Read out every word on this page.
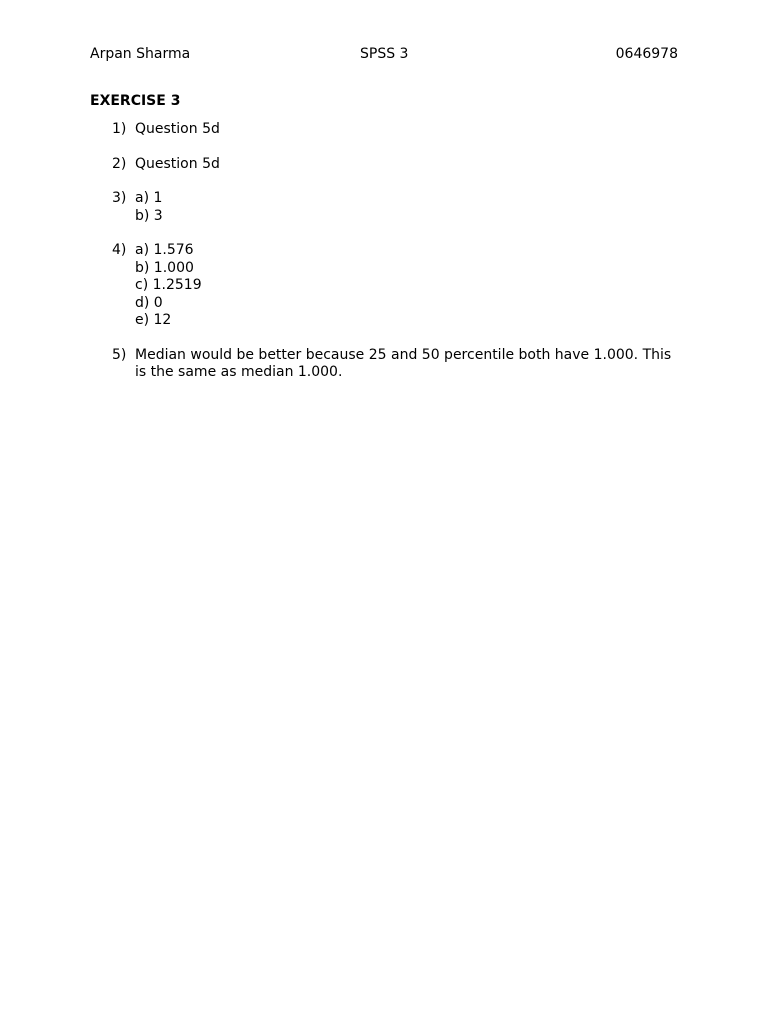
Arpan Sharma	SPSS 3	0646978
EXERCISE 3
1) Question 5d
2) Question 5d
3) a) 1
b) 3
4) a) 1.576
b) 1.000
c) 1.2519
d) 0
e) 12
5) Median would be better because 25 and 50 percentile both have 1.000. This
is the same as median 1.000.
